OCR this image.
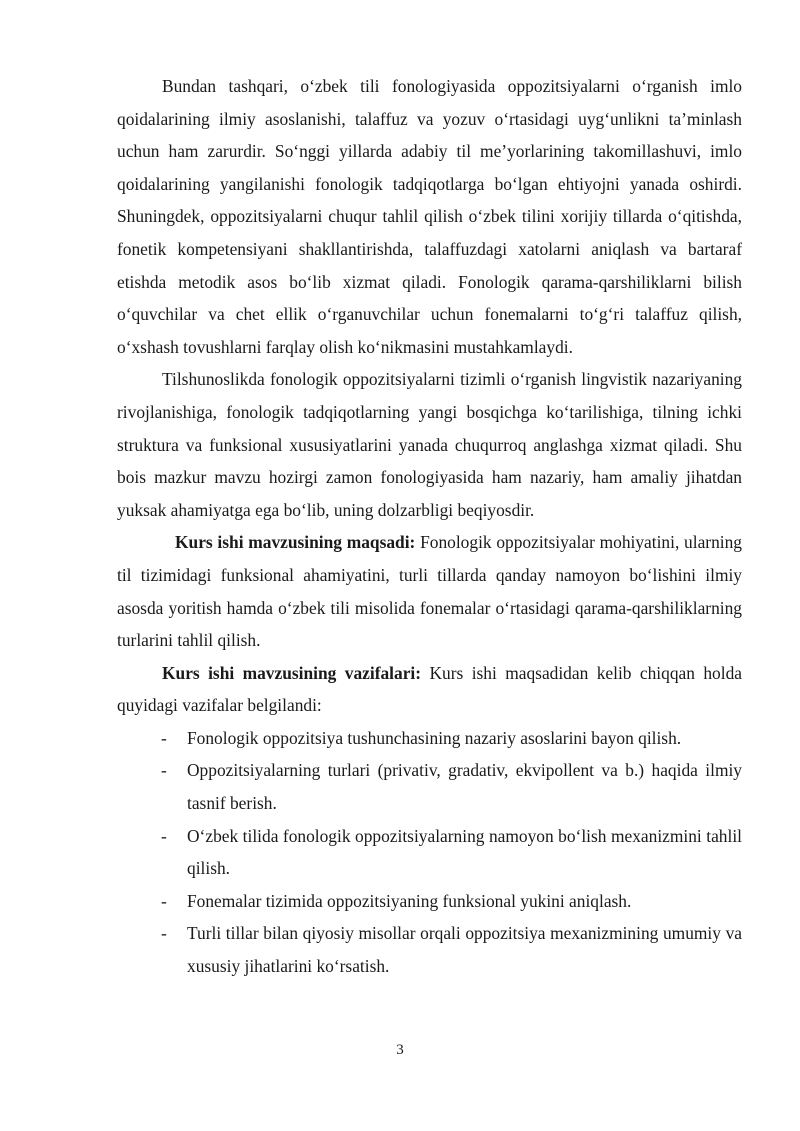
Bundan tashqari, o‘zbek tili fonologiyasida oppozitsiyalarni o‘rganish imlo qoidalarining ilmiy asoslanishi, talaffuz va yozuv o‘rtasidagi uyg‘unlikni ta’minlash uchun ham zarurdir. So‘nggi yillarda adabiy til me’yorlarining takomillashuvi, imlo qoidalarining yangilanishi fonologik tadqiqotlarga bo‘lgan ehtiyojni yanada oshirdi. Shuningdek, oppozitsiyalarni chuqur tahlil qilish o‘zbek tilini xorijiy tillarda o‘qitishda, fonetik kompetensiyani shakllantirishda, talaffuzdagi xatolarni aniqlash va bartaraf etishda metodik asos bo‘lib xizmat qiladi. Fonologik qarama-qarshiliklarni bilish o‘quvchilar va chet ellik o‘rganuvchilar uchun fonemalarni to‘g‘ri talaffuz qilish, o‘xshash tovushlarni farqlay olish ko‘nikmasini mustahkamlaydi.

Tilshunoslikda fonologik oppozitsiyalarni tizimli o‘rganish lingvistik nazariyaning rivojlanishiga, fonologik tadqiqotlarning yangi bosqichga ko‘tarilishiga, tilning ichki struktura va funksional xususiyatlarini yanada chuqurroq anglashga xizmat qiladi. Shu bois mazkur mavzu hozirgi zamon fonologiyasida ham nazariy, ham amaliy jihatdan yuksak ahamiyatga ega bo‘lib, uning dolzarbligi beqiyosdir.

Kurs ishi mavzusining maqsadi: Fonologik oppozitsiyalar mohiyatini, ularning til tizimidagi funksional ahamiyatini, turli tillarda qanday namoyon bo‘lishini ilmiy asosda yoritish hamda o‘zbek tili misolida fonemalar o‘rtasidagi qarama-qarshiliklarning turlarini tahlil qilish.

Kurs ishi mavzusining vazifalari: Kurs ishi maqsadidan kelib chiqqan holda quyidagi vazifalar belgilandi:

- Fonologik oppozitsiya tushunchasining nazariy asoslarini bayon qilish.
- Oppozitsiyalarning turlari (privativ, gradativ, ekvipollent va b.) haqida ilmiy tasnif berish.
- O‘zbek tilida fonologik oppozitsiyalarning namoyon bo‘lish mexanizmini tahlil qilish.
- Fonemalar tizimida oppozitsiyaning funksional yukini aniqlash.
- Turli tillar bilan qiyosiy misollar orqali oppozitsiya mexanizmining umumiy va xususiy jihatlarini ko‘rsatish.
3
